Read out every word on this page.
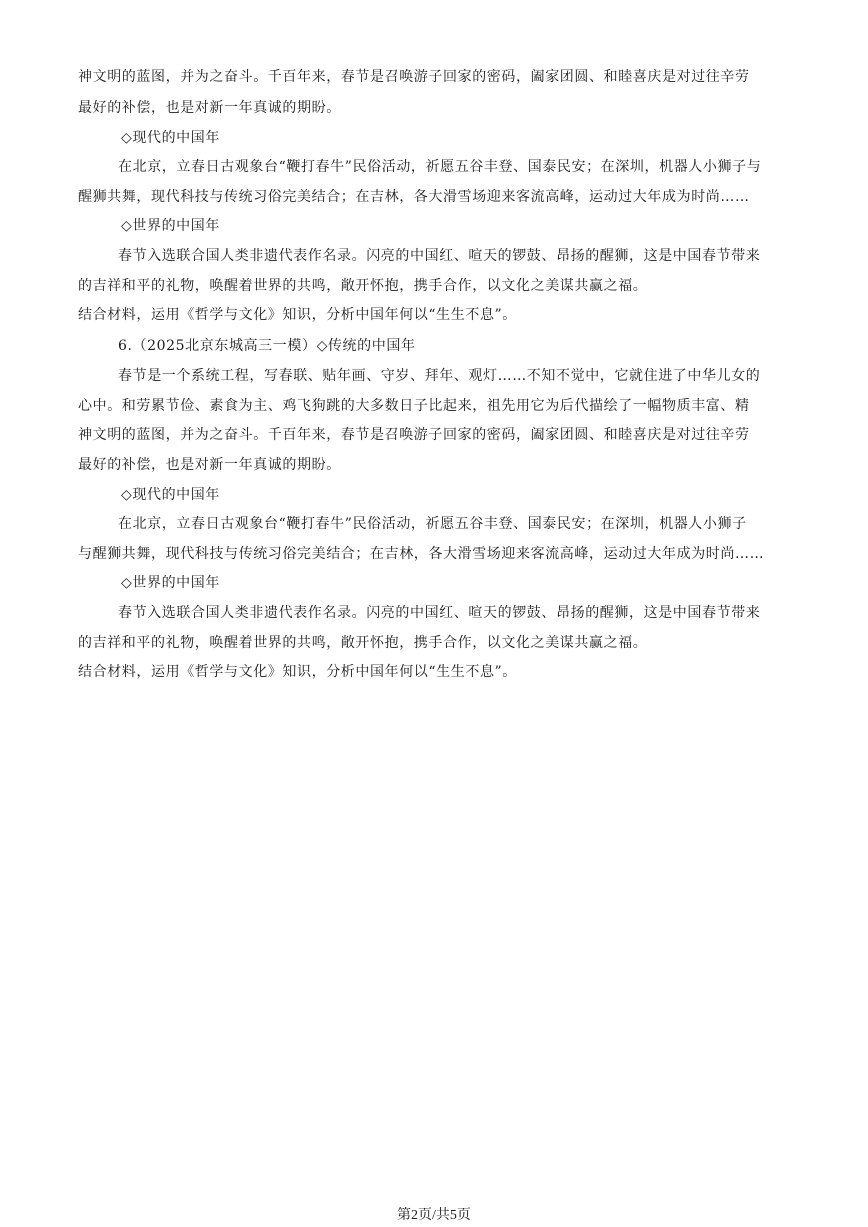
神文明的蓝图，并为之奋斗。千百年来，春节是召唤游子回家的密码，阖家团圆、和睦喜庆是对过往辛劳
最好的补偿，也是对新一年真诚的期盼。
◇现代的中国年
在北京，立春日古观象台“鞭打春牛”民俗活动，祈愿五谷丰登、国泰民安；在深圳，机器人小狮子与
醒狮共舞，现代科技与传统习俗完美结合；在吉林，各大滑雪场迎来客流高峰，运动过大年成为时尚……
◇世界的中国年
春节入选联合国人类非遗代表作名录。闪亮的中国红、喧天的锣鼓、昂扬的醒狮，这是中国春节带来
的吉祥和平的礼物，唤醒着世界的共鸣，敞开怀抱，携手合作，以文化之美谋共赢之福。
结合材料，运用《哲学与文化》知识，分析中国年何以“生生不息”。
6.（2025北京东城高三一模）◇传统的中国年
春节是一个系统工程，写春联、贴年画、守岁、拜年、观灯……不知不觉中，它就住进了中华儿女的
心中。和劳累节俭、素食为主、鸡飞狗跳的大多数日子比起来，祖先用它为后代描绘了一幅物质丰富、精
神文明的蓝图，并为之奋斗。千百年来，春节是召唤游子回家的密码，阖家团圆、和睦喜庆是对过往辛劳
最好的补偿，也是对新一年真诚的期盼。
◇现代的中国年
在北京，立春日古观象台“鞭打春牛”民俗活动，祈愿五谷丰登、国泰民安；在深圳，机器人小狮子
与醒狮共舞，现代科技与传统习俗完美结合；在吉林，各大滑雪场迎来客流高峰，运动过大年成为时尚……
◇世界的中国年
春节入选联合国人类非遗代表作名录。闪亮的中国红、喧天的锣鼓、昂扬的醒狮，这是中国春节带来
的吉祥和平的礼物，唤醒着世界的共鸣，敞开怀抱，携手合作，以文化之美谋共赢之福。
结合材料，运用《哲学与文化》知识，分析中国年何以“生生不息”。
第2页/共5页
